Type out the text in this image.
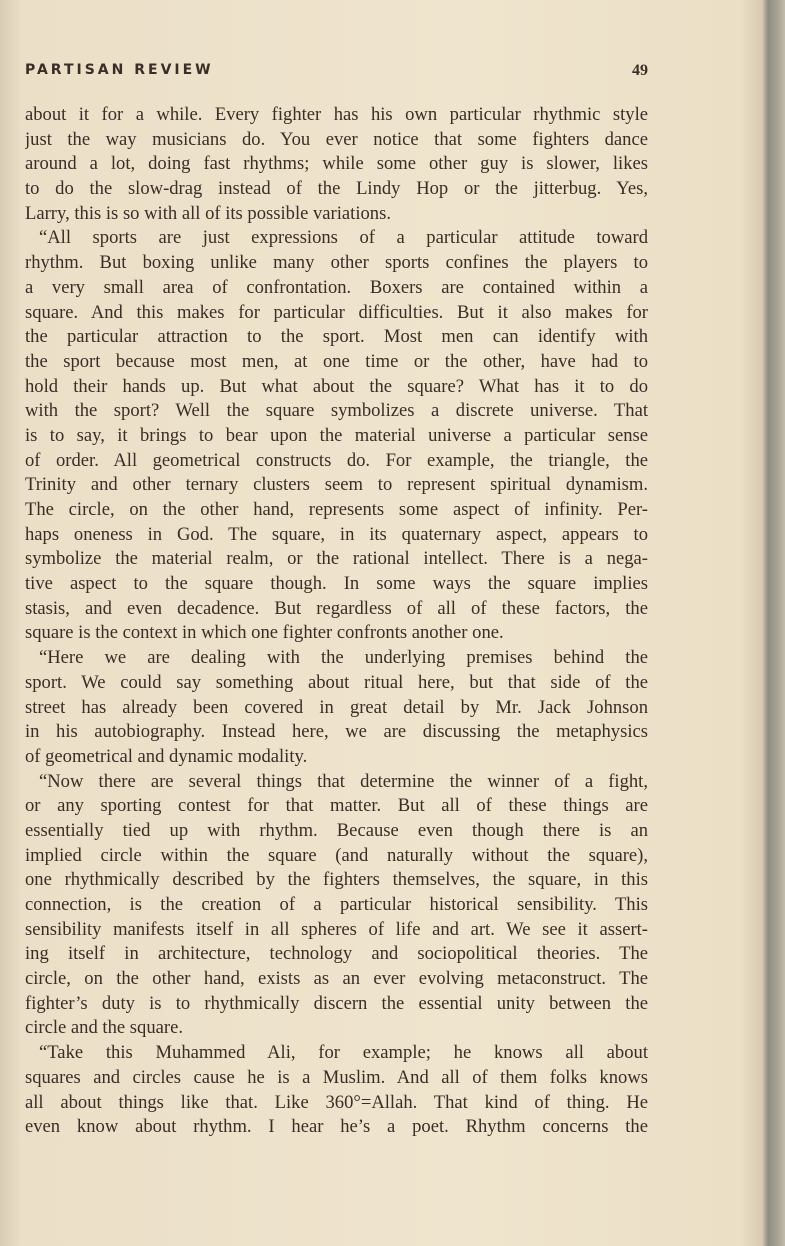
PARTISAN REVIEW	49
about it for a while. Every fighter has his own particular rhythmic style
just the way musicians do. You ever notice that some fighters dance
around a lot, doing fast rhythms; while some other guy is slower, likes
to do the slow-drag instead of the Lindy Hop or the jitterbug. Yes,
Larry, this is so with all of its possible variations.
“All sports are just expressions of a particular attitude toward
rhythm. But boxing unlike many other sports confines the players to
a very small area of confrontation. Boxers are contained within a
square. And this makes for particular difficulties. But it also makes for
the particular attraction to the sport. Most men can identify with
the sport because most men, at one time or the other, have had to
hold their hands up. But what about the square? What has it to do
with the sport? Well the square symbolizes a discrete universe. That
is to say, it brings to bear upon the material universe a particular sense
of order. All geometrical constructs do. For example, the triangle, the
Trinity and other ternary clusters seem to represent spiritual dynamism.
The circle, on the other hand, represents some aspect of infinity. Per-
haps oneness in God. The square, in its quaternary aspect, appears to
symbolize the material realm, or the rational intellect. There is a nega-
tive aspect to the square though. In some ways the square implies
stasis, and even decadence. But regardless of all of these factors, the
square is the context in which one fighter confronts another one.
“Here we are dealing with the underlying premises behind the
sport. We could say something about ritual here, but that side of the
street has already been covered in great detail by Mr. Jack Johnson
in his autobiography. Instead here, we are discussing the metaphysics
of geometrical and dynamic modality.
“Now there are several things that determine the winner of a fight,
or any sporting contest for that matter. But all of these things are
essentially tied up with rhythm. Because even though there is an
implied circle within the square (and naturally without the square),
one rhythmically described by the fighters themselves, the square, in this
connection, is the creation of a particular historical sensibility. This
sensibility manifests itself in all spheres of life and art. We see it assert-
ing itself in architecture, technology and sociopolitical theories. The
circle, on the other hand, exists as an ever evolving metaconstruct. The
fighter’s duty is to rhythmically discern the essential unity between the
circle and the square.
“Take this Muhammed Ali, for example; he knows all about
squares and circles cause he is a Muslim. And all of them folks knows
all about things like that. Like 360°=Allah. That kind of thing. He
even know about rhythm. I hear he’s a poet. Rhythm concerns the
